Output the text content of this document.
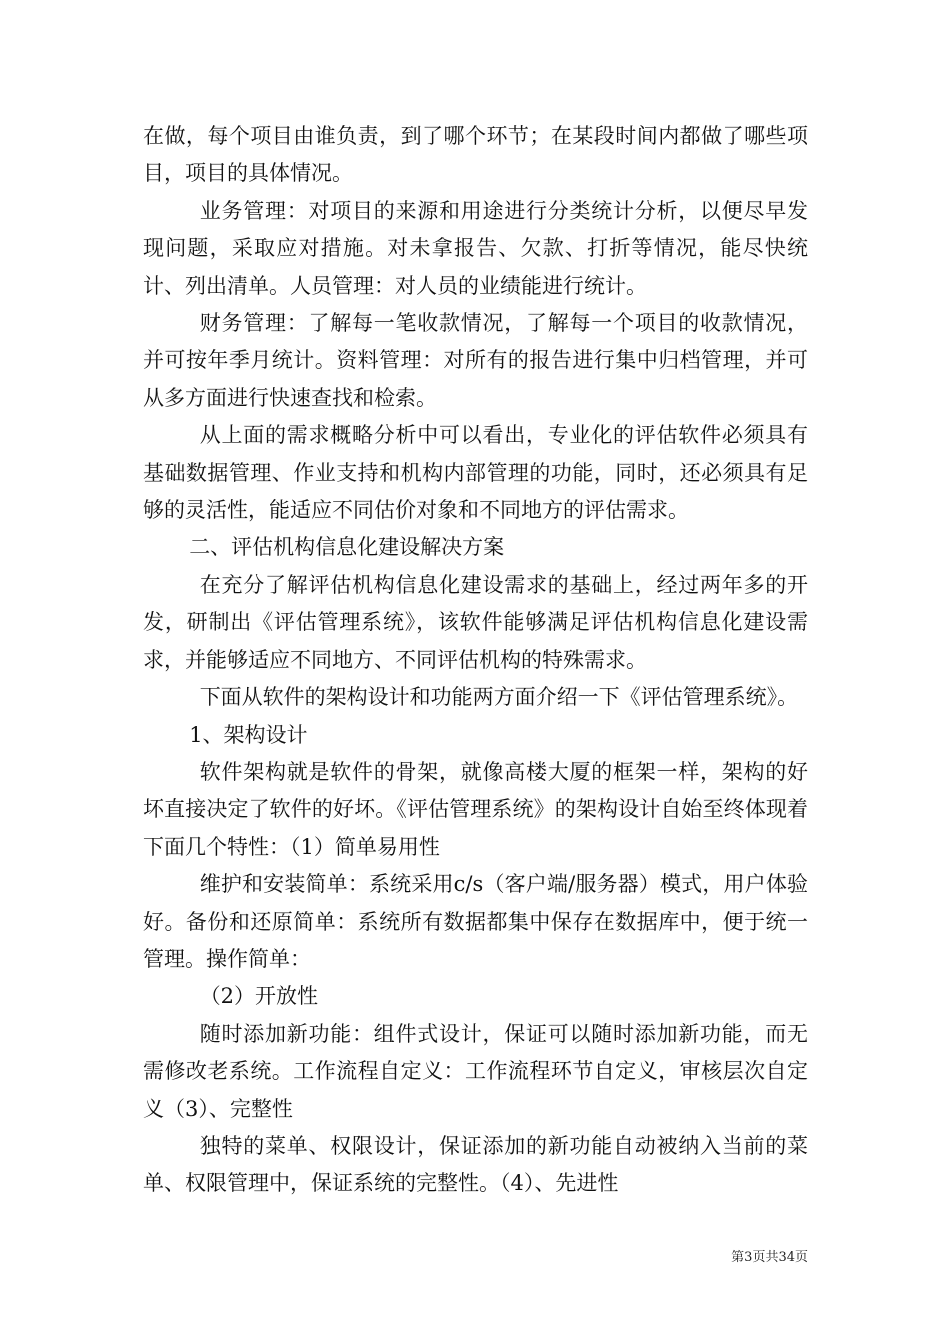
在做，每个项目由谁负责，到了哪个环节；在某段时间内都做了哪些项目，项目的具体情况。

业务管理：对项目的来源和用途进行分类统计分析，以便尽早发现问题，采取应对措施。对未拿报告、欠款、打折等情况，能尽快统计、列出清单。人员管理：对人员的业绩能进行统计。

财务管理：了解每一笔收款情况，了解每一个项目的收款情况，并可按年季月统计。资料管理：对所有的报告进行集中归档管理，并可从多方面进行快速查找和检索。

从上面的需求概略分析中可以看出，专业化的评估软件必须具有基础数据管理、作业支持和机构内部管理的功能，同时，还必须具有足够的灵活性，能适应不同估价对象和不同地方的评估需求。

二、评估机构信息化建设解决方案

在充分了解评估机构信息化建设需求的基础上，经过两年多的开发，研制出《评估管理系统》，该软件能够满足评估机构信息化建设需求，并能够适应不同地方、不同评估机构的特殊需求。

下面从软件的架构设计和功能两方面介绍一下《评估管理系统》。

1、架构设计

软件架构就是软件的骨架，就像高楼大厦的框架一样，架构的好坏直接决定了软件的好坏。《评估管理系统》的架构设计自始至终体现着下面几个特性：（1）简单易用性

维护和安装简单：系统采用c/s（客户端/服务器）模式，用户体验好。备份和还原简单：系统所有数据都集中保存在数据库中，便于统一管理。操作简单：

（2）开放性

随时添加新功能：组件式设计，保证可以随时添加新功能，而无需修改老系统。工作流程自定义：工作流程环节自定义，审核层次自定义（3）、完整性

独特的菜单、权限设计，保证添加的新功能自动被纳入当前的菜单、权限管理中，保证系统的完整性。（4）、先进性

第3页共34页
